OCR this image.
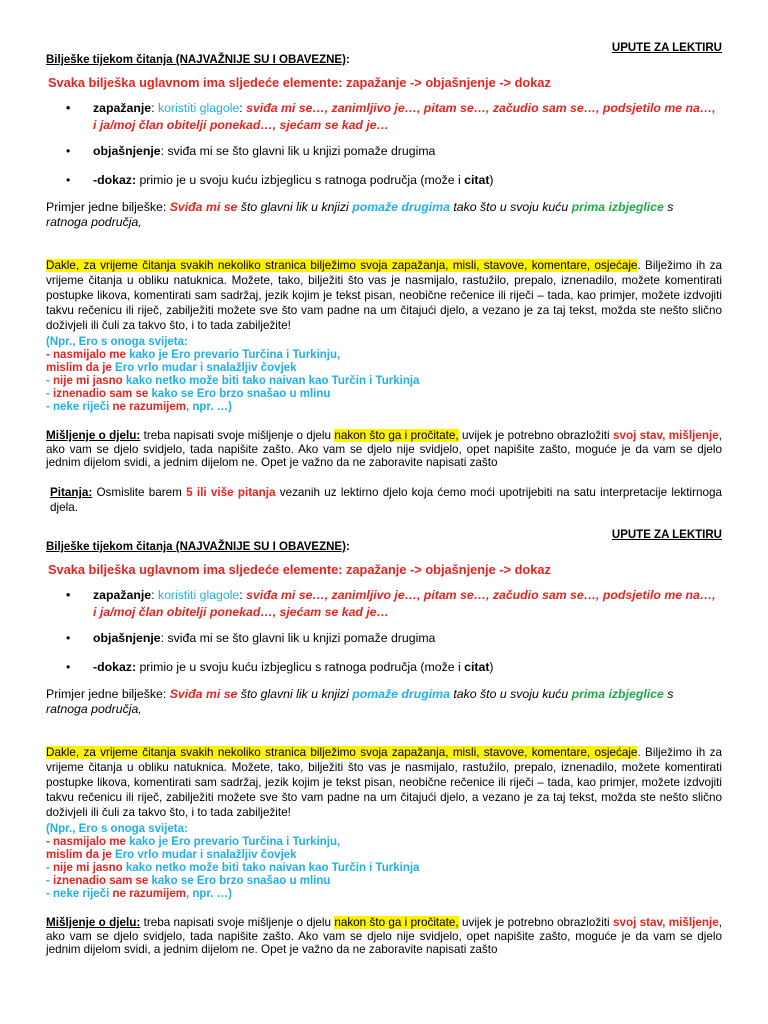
UPUTE ZA LEKTIRU
Bilješke tijekom čitanja (NAJVAŽNIJE SU I OBAVEZNE):
Svaka bilješka uglavnom ima sljedeće elemente: zapažanje -> objašnjenje -> dokaz
• zapažanje: koristiti glagole: sviđa mi se…, zanimljivo je…, pitam se…, začudio sam se…, podsjetilo me na…, i ja/moj član obitelji ponekad…, sjećam se kad je…
• objašnjenje: sviđa mi se što glavni lik u knjizi pomaže drugima
• -dokaz: primio je u svoju kuću izbjeglicu s ratnoga područja (može i citat)
Primjer jedne bilješke: Sviđa mi se što glavni lik u knjizi pomaže drugima tako što u svoju kuću prima izbjeglice s ratnoga područja,
Dakle, za vrijeme čitanja svakih nekoliko stranica bilježimo svoja zapažanja, misli, stavove, komentare, osjećaje. Bilježimo ih za vrijeme čitanja u obliku natuknica. Možete, tako, bilježiti što vas je nasmijalo, rastužilo, prepalo, iznenadilo, možete komentirati postupke likova, komentirati sam sadržaj, jezik kojim je tekst pisan, neobične rečenice ili riječi – tada, kao primjer, možete izdvojiti takvu rečenicu ili riječ, zabilježiti možete sve što vam padne na um čitajući djelo, a vezano je za taj tekst, možda ste nešto slično doživjeli ili čuli za takvo što, i to tada zabilježite!
(Npr., Ero s onoga svijeta:
- nasmijalo me kako je Ero prevario Turčina i Turkinju,
mislim da je Ero vrlo mudar i snalažljiv čovjek
- nije mi jasno kako netko može biti tako naivan kao Turčin i Turkinja
- iznenadio sam se kako se Ero brzo snašao u mlinu
- neke riječi ne razumijem, npr. …)
Mišljenje o djelu: treba napisati svoje mišljenje o djelu nakon što ga i pročitate, uvijek je potrebno obrazložiti svoj stav, mišljenje, ako vam se djelo svidjelo, tada napišite zašto. Ako vam se djelo nije svidjelo, opet napišite zašto, moguće je da vam se djelo jednim dijelom svidi, a jednim dijelom ne. Opet je važno da ne zaboravite napisati zašto
Pitanja: Osmislite barem 5 ili više pitanja vezanih uz lektirno djelo koja ćemo moći upotrijebiti na satu interpretacije lektirnoga djela.
UPUTE ZA LEKTIRU
Bilješke tijekom čitanja (NAJVAŽNIJE SU I OBAVEZNE):
Svaka bilješka uglavnom ima sljedeće elemente: zapažanje -> objašnjenje -> dokaz
• zapažanje: koristiti glagole: sviđa mi se…, zanimljivo je…, pitam se…, začudio sam se…, podsjetilo me na…, i ja/moj član obitelji ponekad…, sjećam se kad je…
• objašnjenje: sviđa mi se što glavni lik u knjizi pomaže drugima
• -dokaz: primio je u svoju kuću izbjeglicu s ratnoga područja (može i citat)
Primjer jedne bilješke: Sviđa mi se što glavni lik u knjizi pomaže drugima tako što u svoju kuću prima izbjeglice s ratnoga područja,
Dakle, za vrijeme čitanja svakih nekoliko stranica bilježimo svoja zapažanja, misli, stavove, komentare, osjećaje. Bilježimo ih za vrijeme čitanja u obliku natuknica. Možete, tako, bilježiti što vas je nasmijalo, rastužilo, prepalo, iznenadilo, možete komentirati postupke likova, komentirati sam sadržaj, jezik kojim je tekst pisan, neobične rečenice ili riječi – tada, kao primjer, možete izdvojiti takvu rečenicu ili riječ, zabilježiti možete sve što vam padne na um čitajući djelo, a vezano je za taj tekst, možda ste nešto slično doživjeli ili čuli za takvo što, i to tada zabilježite!
(Npr., Ero s onoga svijeta:
- nasmijalo me kako je Ero prevario Turčina i Turkinju,
mislim da je Ero vrlo mudar i snalažljiv čovjek
- nije mi jasno kako netko može biti tako naivan kao Turčin i Turkinja
- iznenadio sam se kako se Ero brzo snašao u mlinu
- neke riječi ne razumijem, npr. …)
Mišljenje o djelu: treba napisati svoje mišljenje o djelu nakon što ga i pročitate, uvijek je potrebno obrazložiti svoj stav, mišljenje, ako vam se djelo svidjelo, tada napišite zašto. Ako vam se djelo nije svidjelo, opet napišite zašto, moguće je da vam se djelo jednim dijelom svidi, a jednim dijelom ne. Opet je važno da ne zaboravite napisati zašto
